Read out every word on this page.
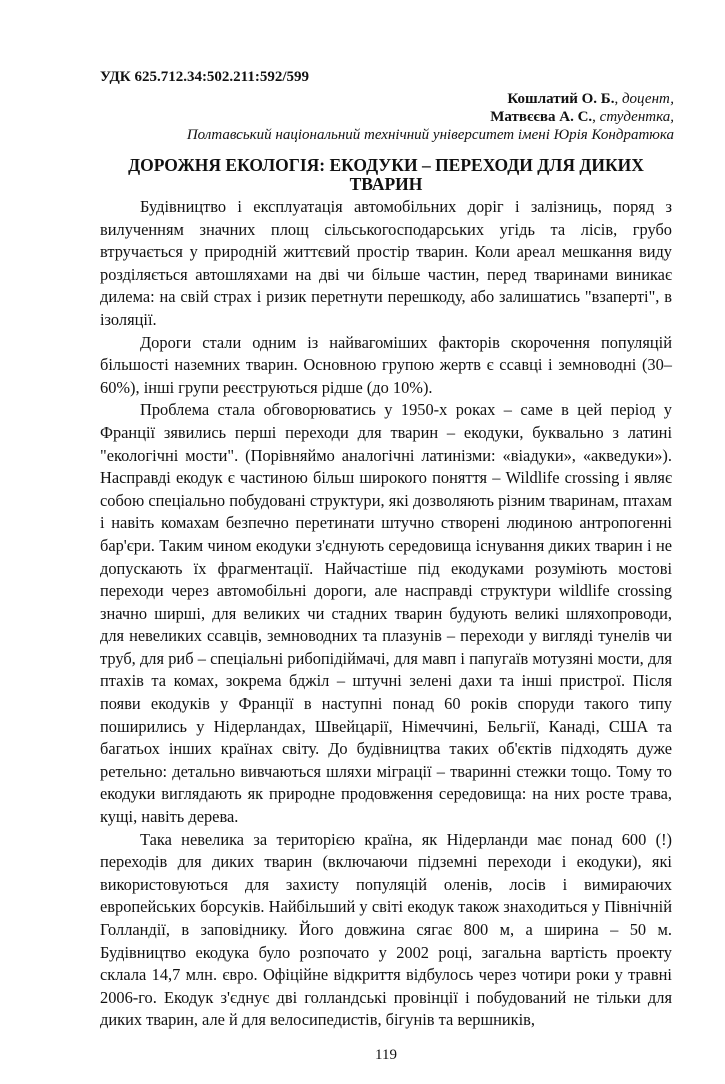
УДК 625.712.34:502.211:592/599
Кошлатий О. Б., доцент,
Матвєєва А. С., студентка,
Полтавський національний технічний університет імені Юрія Кондратюка
ДОРОЖНЯ ЕКОЛОГІЯ: ЕКОДУКИ – ПЕРЕХОДИ ДЛЯ ДИКИХ ТВАРИН

Будівництво і експлуатація автомобільних доріг і залізниць, поряд з вилученням значних площ сільськогосподарських угідь та лісів, грубо втручається у природній життєвий простір тварин. Коли ареал мешкання виду розділяється автошляхами на дві чи більше частин, перед тваринами виникає дилема: на свій страх і ризик перетнути перешкоду, або залишатись "взаперті", в ізоляції.

Дороги стали одним із найвагоміших факторів скорочення популяцій більшості наземних тварин. Основною групою жертв є ссавці і земноводні (30–60%), інші групи реєструються рідше (до 10%).

Проблема стала обговорюватись у 1950-х роках – саме в цей період у Франції зявились перші переходи для тварин – екодуки, буквально з латині "екологічні мости". (Порівняймо аналогічні латинізми: «віадуки», «акведуки»). Насправді екодук є частиною більш широкого поняття – Wildlife crossing і являє собою спеціально побудовані структури, які дозволяють різним тваринам, птахам і навіть комахам безпечно перетинати штучно створені людиною антропогенні бар'єри. Таким чином екодуки з'єднують середовища існування диких тварин і не допускають їх фрагментації. Найчастіше під екодуками розуміють мостові переходи через автомобільні дороги, але насправді структури wildlife crossing значно ширші, для великих чи стадних тварин будують великі шляхопроводи, для невеликих ссавців, земноводних та плазунів – переходи у вигляді тунелів чи труб, для риб – спеціальні рибопідіймачі, для мавп і папугаїв мотузяні мости, для птахів та комах, зокрема бджіл – штучні зелені дахи та інші пристрої. Після появи екодуків у Франції в наступні понад 60 років споруди такого типу поширились у Нідерландах, Швейцарії, Німеччині, Бельгії, Канаді, США та багатьох інших країнах світу. До будівництва таких об'єктів підходять дуже ретельно: детально вивчаються шляхи міграції – тваринні стежки тощо. Тому то екодуки виглядають як природне продовження середовища: на них росте трава, кущі, навіть дерева.

Така невелика за територією країна, як Нідерланди має понад 600 (!) переходів для диких тварин (включаючи підземні переходи і екодуки), які використовуються для захисту популяцій оленів, лосів і вимираючих европейських борсуків. Найбільший у світі екодук також знаходиться у Північній Голландії, в заповіднику. Його довжина сягає 800 м, а ширина – 50 м. Будівництво екодука було розпочато у 2002 році, загальна вартість проекту склала 14,7 млн. євро. Офіційне відкриття відбулось через чотири роки у травні 2006-го. Екодук з'єднує дві голландські провінції і побудований не тільки для диких тварин, але й для велосипедистів, бігунів та вершників,

119
